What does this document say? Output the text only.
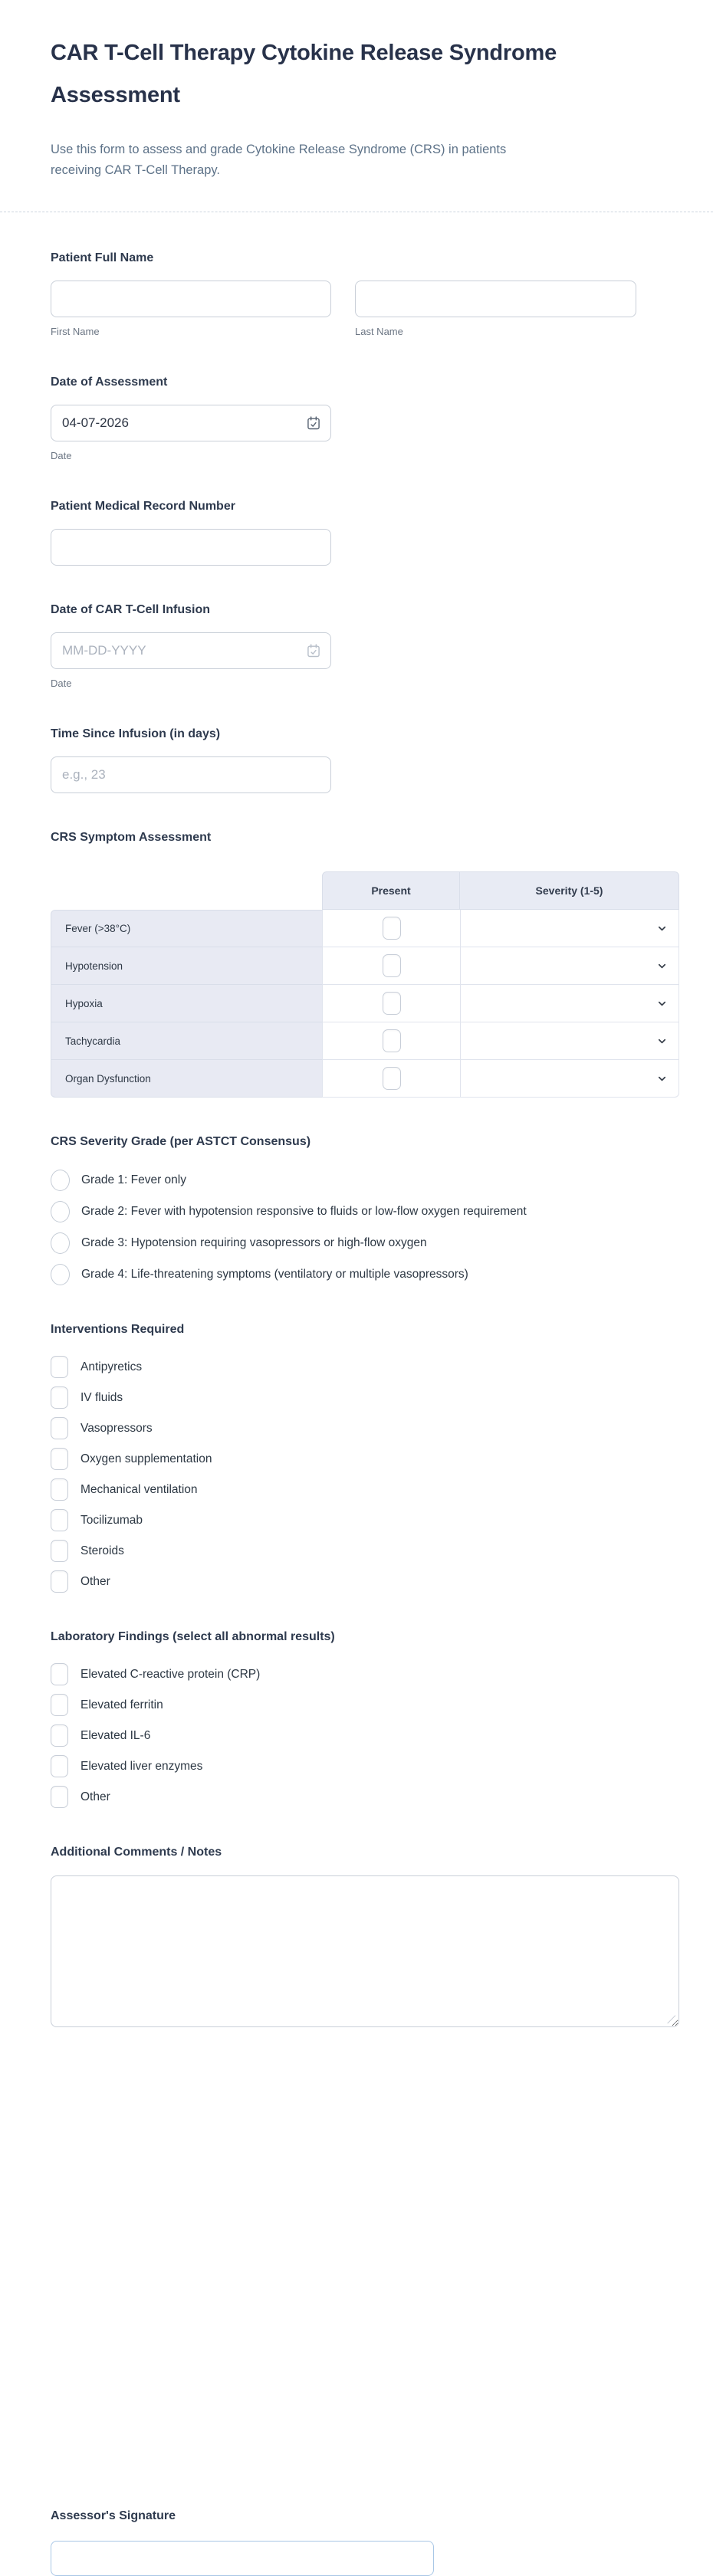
CAR T-Cell Therapy Cytokine Release Syndrome Assessment

Use this form to assess and grade Cytokine Release Syndrome (CRS) in patients receiving CAR T-Cell Therapy.

Patient Full Name
First Name	Last Name
Date of Assessment
04-07-2026
Date
Patient Medical Record Number
Date of CAR T-Cell Infusion
MM-DD-YYYY
Date
Time Since Infusion (in days)
e.g., 23
CRS Symptom Assessment
Present	Severity (1-5)
Fever (>38°C)
Hypotension
Hypoxia
Tachycardia
Organ Dysfunction
CRS Severity Grade (per ASTCT Consensus)
Grade 1: Fever only
Grade 2: Fever with hypotension responsive to fluids or low-flow oxygen requirement
Grade 3: Hypotension requiring vasopressors or high-flow oxygen
Grade 4: Life-threatening symptoms (ventilatory or multiple vasopressors)
Interventions Required
Antipyretics
IV fluids
Vasopressors
Oxygen supplementation
Mechanical ventilation
Tocilizumab
Steroids
Other
Laboratory Findings (select all abnormal results)
Elevated C-reactive protein (CRP)
Elevated ferritin
Elevated IL-6
Elevated liver enzymes
Other
Additional Comments / Notes
Assessor's Signature
